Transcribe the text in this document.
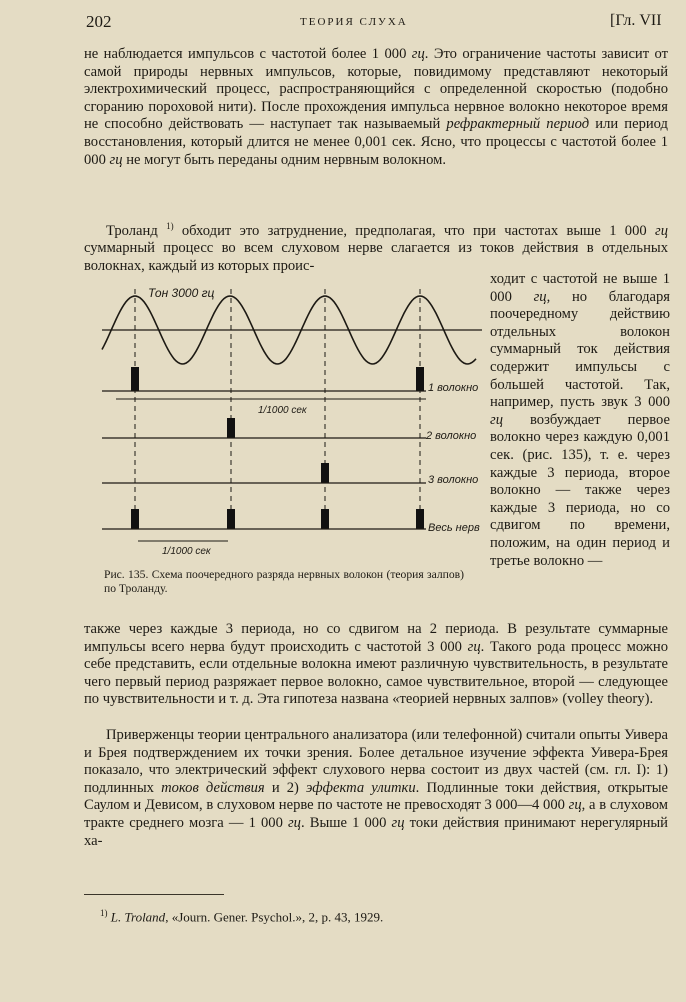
202	ТЕОРИЯ СЛУХА	[Гл. VII

не наблюдается импульсов с частотой более 1 000 гц. Это ограничение частоты зависит от самой природы нервных импульсов, которые, повидимому представляют некоторый электрохимический процесс, распространяющийся с определенной скоростью (подобно сгоранию пороховой нити). После прохождения импульса нервное волокно некоторое время не способно действовать — наступает так называемый рефрактерный период или период восстановления, который длится не менее 0,001 сек. Ясно, что процессы с частотой более 1 000 гц не могут быть переданы одним нервным волокном.

Троланд $^{1)}$ обходит это затруднение, предполагая, что при частотах выше 1 000 гц суммарный процесс во всем слуховом нерве слагается из токов действия в отдельных волокнах, каждый из которых проис-

ходит с частотой не выше 1 000 гц, но благодаря поочередному действию отдельных волокон суммарный ток действия содержит импульсы с большей частотой. Так, например, пусть звук 3 000 гц возбуждает первое волокно через каждую 0,001 сек. (рис. 135), т. е. через каждые 3 периода, второе волокно — также через каждые 3 периода, но со сдвигом по времени, положим, на один период и третье волокно —

Тон 3000 гц
1 волокно
1/1000 сек
2 волокно
3 волокно
Весь нерв
1/1000 сек
Рис. 135. Схема поочередного разряда нервных волокон (теория залпов) по Троланду.

также через каждые 3 периода, но со сдвигом на 2 периода. В результате суммарные импульсы всего нерва будут происходить с частотой 3 000 гц. Такого рода процесс можно себе представить, если отдельные волокна имеют различную чувствительность, в результате чего первый период разряжает первое волокно, самое чувствительное, второй — следующее по чувствительности и т. д. Эта гипотеза названа «теорией нервных залпов» (volley theory).

Приверженцы теории центрального анализатора (или телефонной) считали опыты Уивера и Брея подтверждением их точки зрения. Более детальное изучение эффекта Уивера-Брея показало, что электрический эффект слухового нерва состоит из двух частей (см. гл. I): 1) подлинных токов действия и 2) эффекта улитки. Подлинные токи действия, открытые Саулом и Девисом, в слуховом нерве по частоте не превосходят 3 000—4 000 гц, а в слуховом тракте среднего мозга — 1 000 гц. Выше 1 000 гц токи действия принимают нерегулярный ха-

$^{1)}$ L. Troland, «Journ. Gener. Psychol.», 2, p. 43, 1929.
